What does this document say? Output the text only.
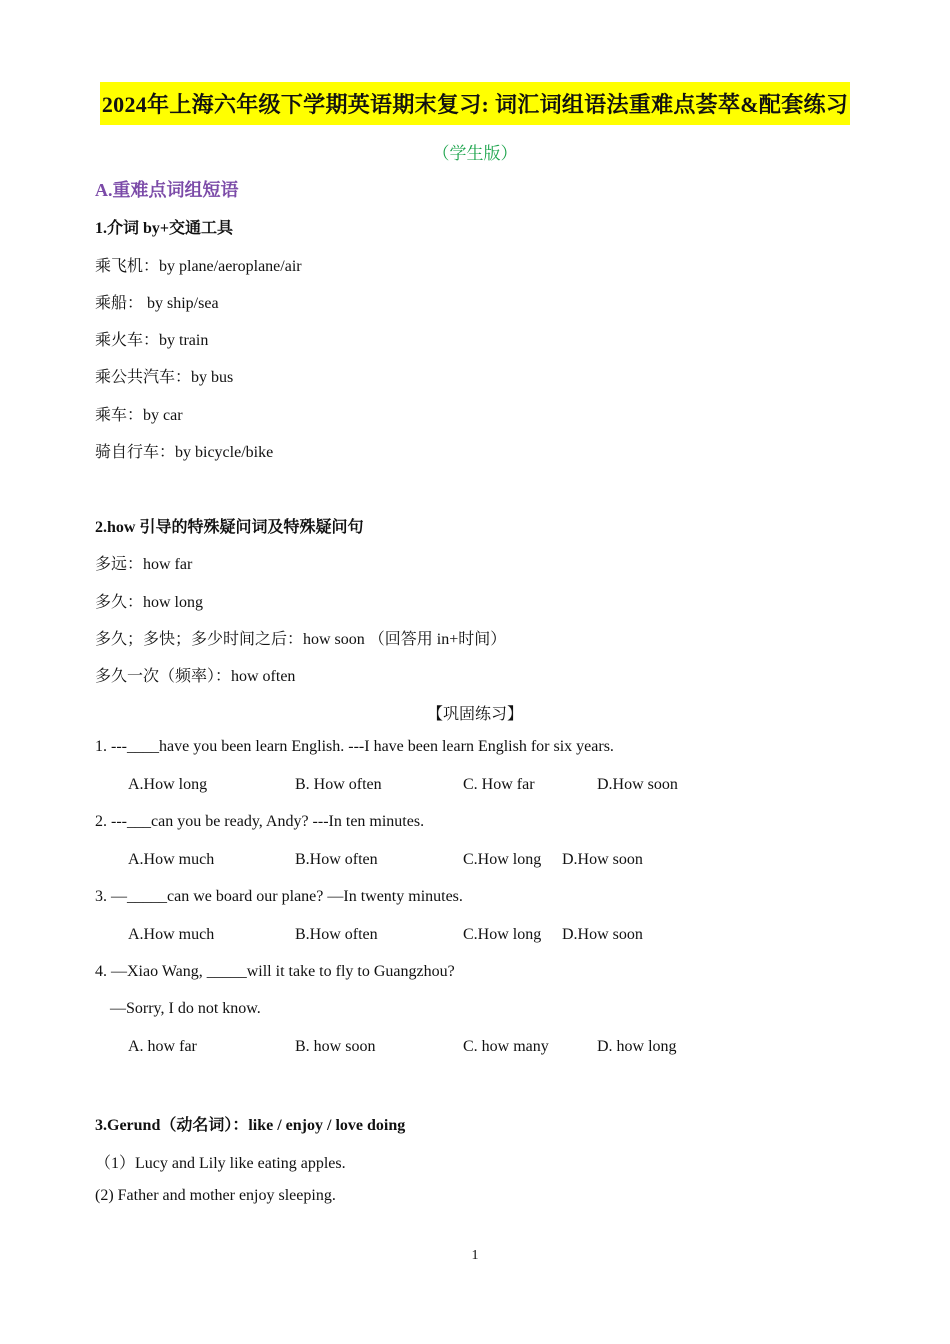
2024年上海六年级下学期英语期末复习: 词汇词组语法重难点荟萃&配套练习
（学生版）
A.重难点词组短语
1.介词 by+交通工具
乘飞机：by plane/aeroplane/air
乘船： by ship/sea
乘火车：by train
乘公共汽车：by bus
乘车：by car
骑自行车：by bicycle/bike
2.how 引导的特殊疑问词及特殊疑问句
多远：how far
多久：how long
多久；多快；多少时间之后：how soon （回答用 in+时间）
多久一次（频率）：how often
【巩固练习】
1. ---____have you been learn English. ---I have been learn English for six years.
A.How long	B. How often	C. How far	D.How soon
2. ---___can you be ready, Andy? ---In ten minutes.
A.How much	B.How often	C.How long D.How soon
3. —_____can we board our plane? —In twenty minutes.
A.How much	B.How often	C.How long D.How soon
4. —Xiao Wang, _____will it take to fly to Guangzhou?
—Sorry, I do not know.
A. how far	B. how soon	C. how many	D. how long
3.Gerund（动名词）：like / enjoy / love doing
（1）Lucy and Lily like eating apples.
(2) Father and mother enjoy sleeping.
1
